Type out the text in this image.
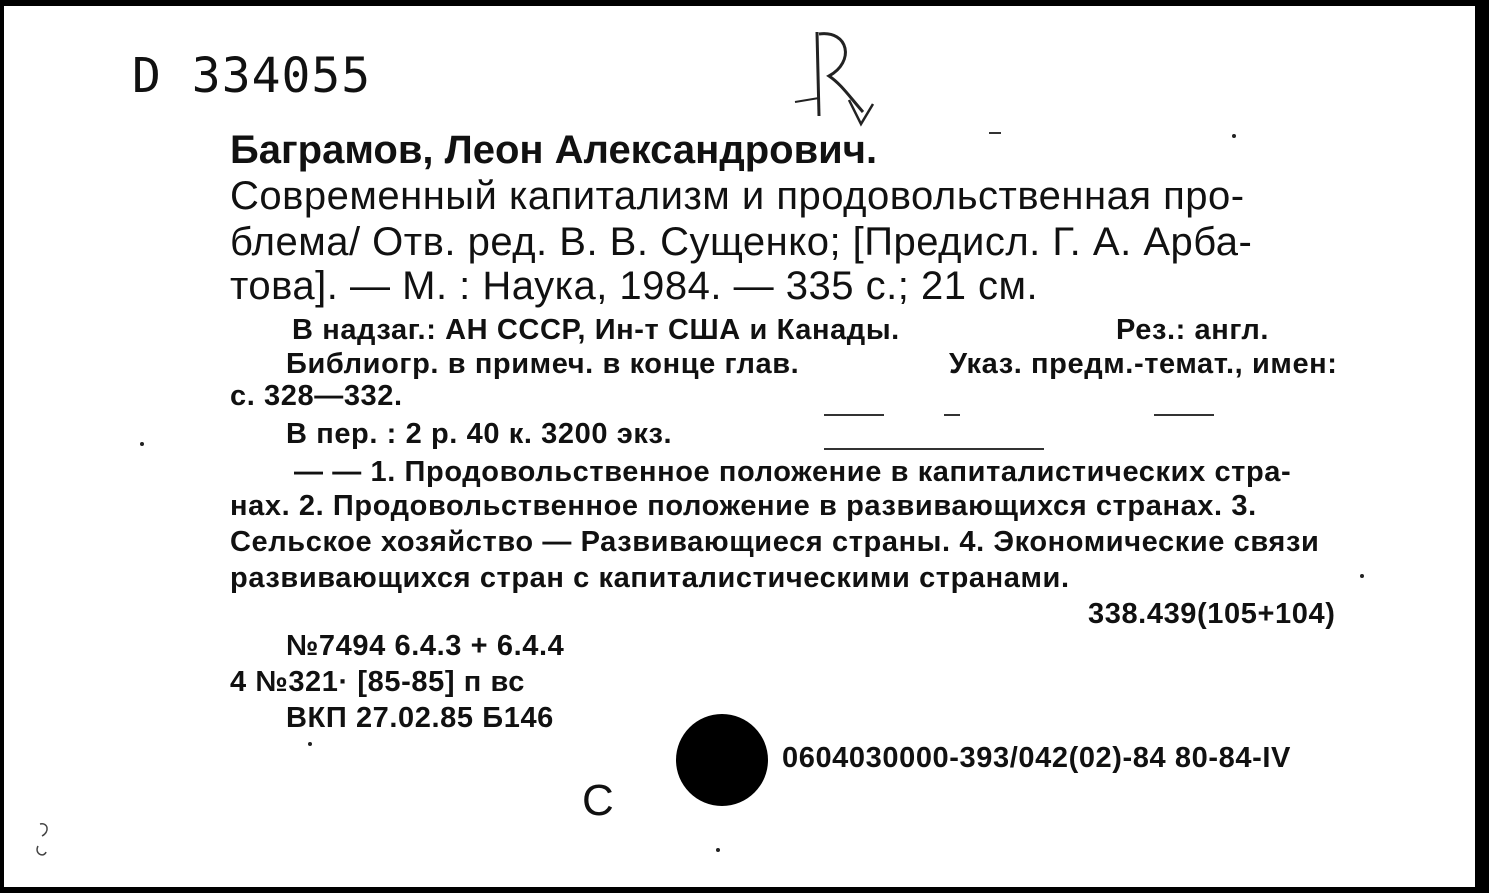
D 334055
Баграмов, Леон Александрович.
Современный капитализм и продовольственная про-
блема/ Отв. ред. В. В. Сущенко; [Предисл. Г. А. Арба-
това]. — М. : Наука, 1984. — 335 с.; 21 см.
В надзаг.: АН СССР, Ин-т США и Канады.	Рез.: англ.
Библиогр. в примеч. в конце глав.	Указ. предм.-темат., имен:
с. 328—332.
В пер. : 2 р. 40 к. 3200 экз.
— — 1. Продовольственное положение в капиталистических стра-
нах. 2. Продовольственное положение в развивающихся странах. 3.
Сельское хозяйство — Развивающиеся страны. 4. Экономические связи
развивающихся стран с капиталистическими странами.
338.439(105+104)
№7494 6.4.3 + 6.4.4
4 №321· [85-85] п вс
ВКП 27.02.85 Б146
0604030000-393/042(02)-84 80-84-IV
С
